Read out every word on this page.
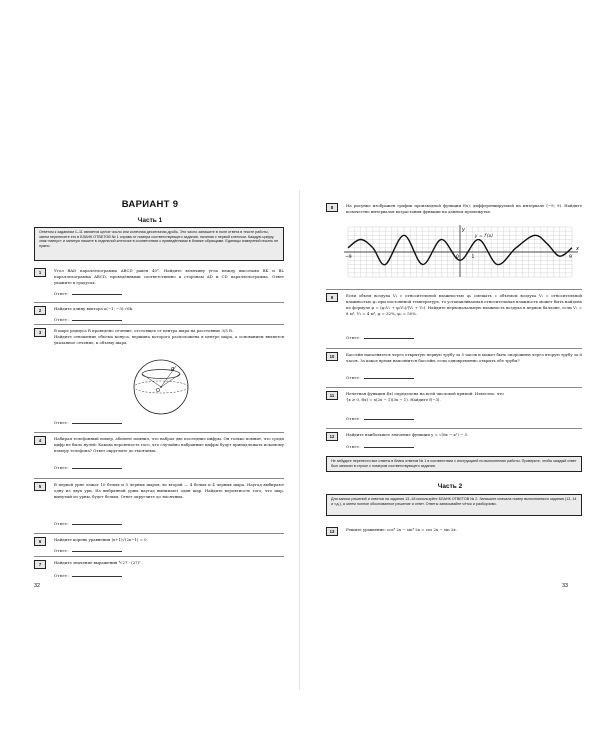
ВАРИАНТ 9
Часть 1
Ответом к заданиям 1–11 является целое число или конечная десятичная дробь. Это число запишите в поле ответа в тексте работы, затем перенесите его в БЛАНК ОТВЕТОВ № 1 справа от номера соответствующего задания, начиная с первой клеточки. Каждую цифру, знак «минус» и запятую пишите в отдельной клеточке в соответствии с приведёнными в бланке образцами. Единицы измерений писать не нужно.
1	Угол BAD параллелограмма ABCD равен 40°. Найдите величину угла между высотами BK и BL параллелограмма ABCD, проведёнными соответственно к сторонам AD и CD параллелограмма. Ответ укажите в градусах.
Ответ:
2	Найдите длину вектора a(−1; −3)·√6k.
Ответ:
3	В шаре радиуса R проведено сечение, отстоящее от центра шара на расстояние 3/5 R.
Найдите отношение объема конуса, вершина которого расположена в центре шара, а основанием является указанное сечение, к объему шара.
O
R
Ответ:
4	Набирая телефонный номер, абонент помнил, что набрал две последние цифры. Он только помнит, что среди цифр не было нулей. Какова вероятность того, что случайно набранные цифры будут принадлежать искомому номеру телефона? Ответ округлите до тысячных.
Ответ:
5	В первой урне лежат 10 белых и 5 черных шаров, во второй — 4 белых и 4 черных шара. Наугад выбирают одну из двух урн. Из выбранной урны наугад вынимают один шар. Найдите вероятность того, что шар, вынутый из урны, будет белым. Ответ округлите до тысячных.
Ответ:
6	Найдите корень уравнения (x+1)√(2x−1) = 0.
Ответ:
7	Найдите значение выражения ⁴√27 · (27)².
Ответ:
32
8	На рисунке изображен график производной функции f(x), дифференцируемой на интервале (−9; 9). Найдите количество интервалов возрастания функции на данном промежутке.
y
x
0
−9	9
1
y = f′(x)
9	Если объем воздуха V₂ с относительной влажностью φ₂ смешать с объемом воздуха V₁ с относительной влажностью φ₁ при постоянной температуре, то устанавливаемая относительная влажность может быть найдена по формуле φ = (φ₁V₁ + φ₂V₂)/(V₁ + V₂). Найдите первоначальную влажность воздуха в первом баллоне, если V₁ = 8 м³, V₂ = 4 м³, φ = 32%, φ₂ = 50%.
Ответ:
10	Бассейн наполняется через открытую первую трубу за 5 часов и может быть опорожнен через вторую трубу за 6 часов. За какое время наполнится бассейн, если одновременно открыть обе трубы?
Ответ:
11	Нечетная функция f(x) определена на всей числовой прямой. Известно, что
{x ≥ 0, f(x) = x(2x − 1)(3x − 1). Найдите f(−3).
Ответ:
12	Найдите наибольшее значение функции y = √(6x − x²) − 5.
Ответ:
Не забудьте перенести все ответы в бланк ответов № 1 в соответствии с инструкцией по выполнению работы. Проверьте, чтобы каждый ответ был записан в строке с номером соответствующего задания.
Часть 2
Для записи решений и ответов на задания 13–18 используйте БЛАНК ОТВЕТОВ № 2. Запишите сначала номер выполняемого задания (13, 14 и т.д.), а затем полное обоснованное решение и ответ. Ответы записывайте чётко и разборчиво.
13	Решите уравнение: cos⁴ 2x − sin⁴ 2x = cos 2x − sin 2x.
33
